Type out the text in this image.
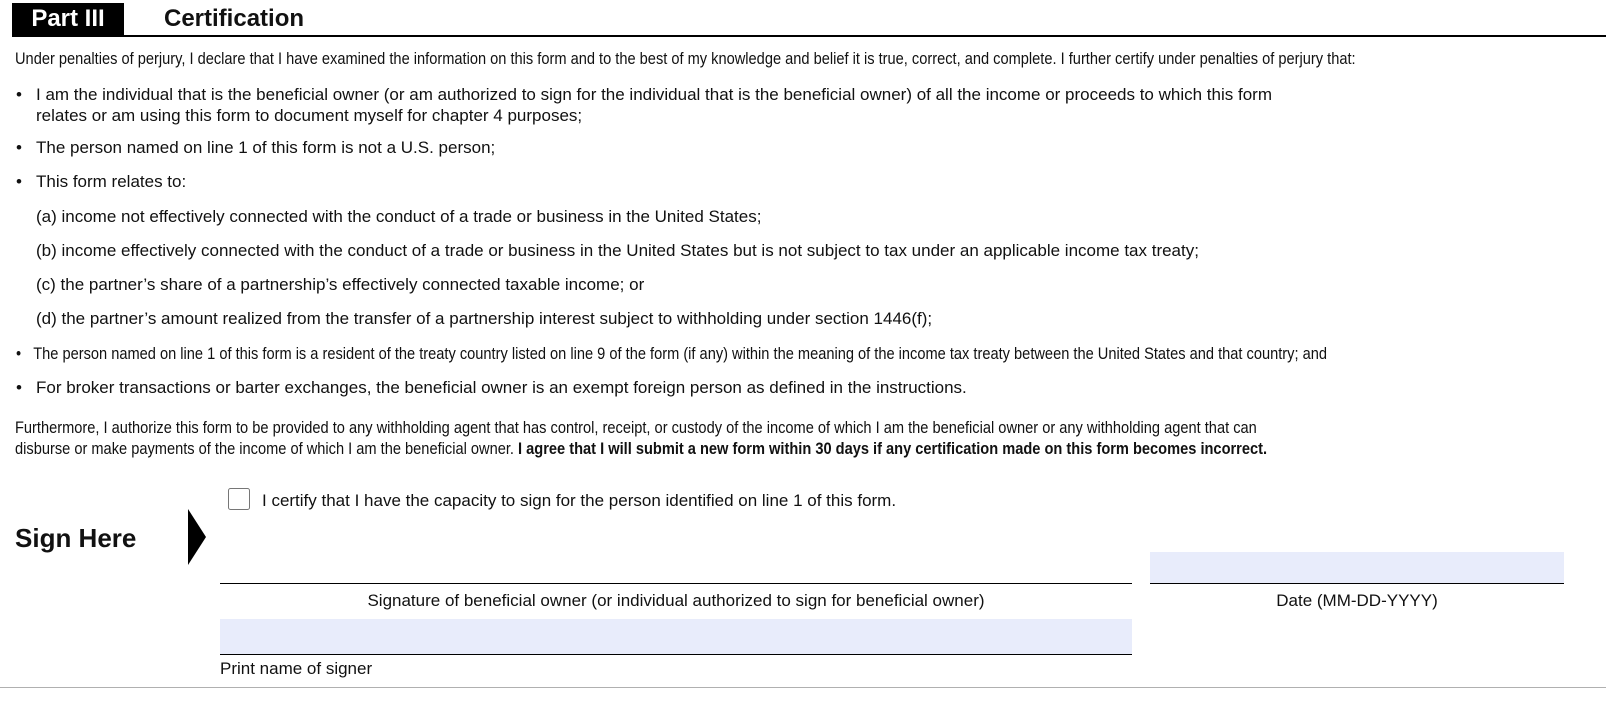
Part III	Certification
Under penalties of perjury, I declare that I have examined the information on this form and to the best of my knowledge and belief it is true, correct, and complete. I further certify under penalties of perjury that:
• I am the individual that is the beneficial owner (or am authorized to sign for the individual that is the beneficial owner) of all the income or proceeds to which this form
relates or am using this form to document myself for chapter 4 purposes;
• The person named on line 1 of this form is not a U.S. person;
• This form relates to:
(a) income not effectively connected with the conduct of a trade or business in the United States;
(b) income effectively connected with the conduct of a trade or business in the United States but is not subject to tax under an applicable income tax treaty;
(c) the partner’s share of a partnership’s effectively connected taxable income; or
(d) the partner’s amount realized from the transfer of a partnership interest subject to withholding under section 1446(f);
• The person named on line 1 of this form is a resident of the treaty country listed on line 9 of the form (if any) within the meaning of the income tax treaty between the United States and that country; and
• For broker transactions or barter exchanges, the beneficial owner is an exempt foreign person as defined in the instructions.
Furthermore, I authorize this form to be provided to any withholding agent that has control, receipt, or custody of the income of which I am the beneficial owner or any withholding agent that can
disburse or make payments of the income of which I am the beneficial owner. I agree that I will submit a new form within 30 days if any certification made on this form becomes incorrect.
Sign Here
I certify that I have the capacity to sign for the person identified on line 1 of this form.
Signature of beneficial owner (or individual authorized to sign for beneficial owner)	Date (MM-DD-YYYY)
Print name of signer
